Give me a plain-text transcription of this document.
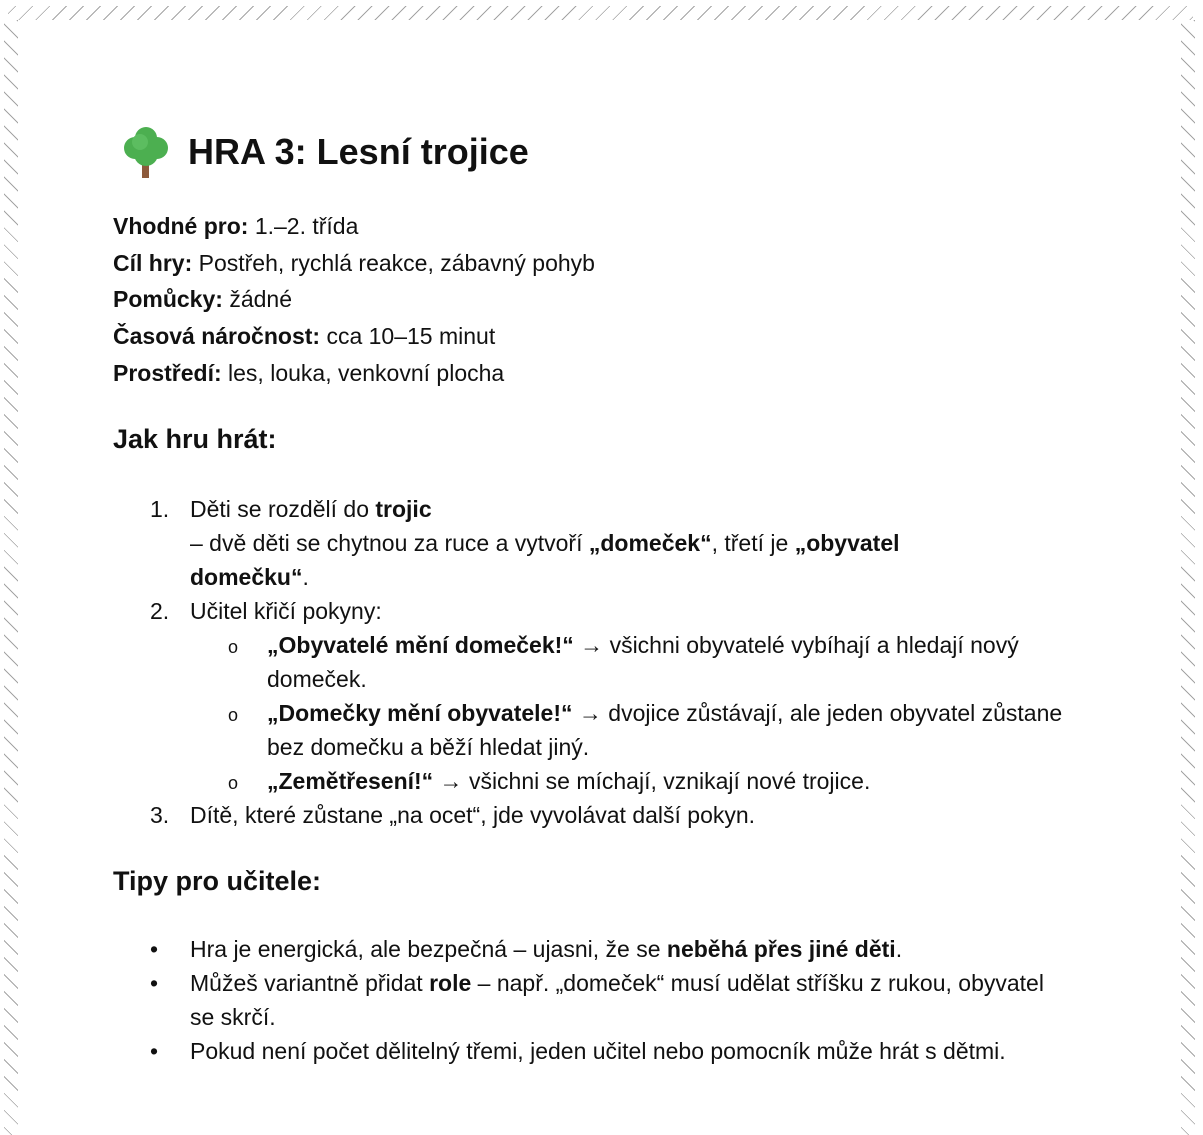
HRA 3: Lesní trojice
Vhodné pro: 1.–2. třída
Cíl hry: Postřeh, rychlá reakce, zábavný pohyb
Pomůcky: žádné
Časová náročnost: cca 10–15 minut
Prostředí: les, louka, venkovní plocha
Jak hru hrát:
1. Děti se rozdělí do trojic
– dvě děti se chytnou za ruce a vytvoří „domeček“, třetí je „obyvatel domečku“.
2. Učitel křičí pokyny:
o „Obyvatelé mění domeček!“ → všichni obyvatelé vybíhají a hledají nový domeček.
o „Domečky mění obyvatele!“ → dvojice zůstávají, ale jeden obyvatel zůstane bez domečku a běží hledat jiný.
o „Zemětřesení!“ → všichni se míchají, vznikají nové trojice.
3. Dítě, které zůstane „na ocet“, jde vyvolávat další pokyn.
Tipy pro učitele:
• Hra je energická, ale bezpečná – ujasni, že se neběhá přes jiné děti.
• Můžeš variantně přidat role – např. „domeček“ musí udělat stříšku z rukou, obyvatel se skrčí.
• Pokud není počet dělitelný třemi, jeden učitel nebo pomocník může hrát s dětmi.
